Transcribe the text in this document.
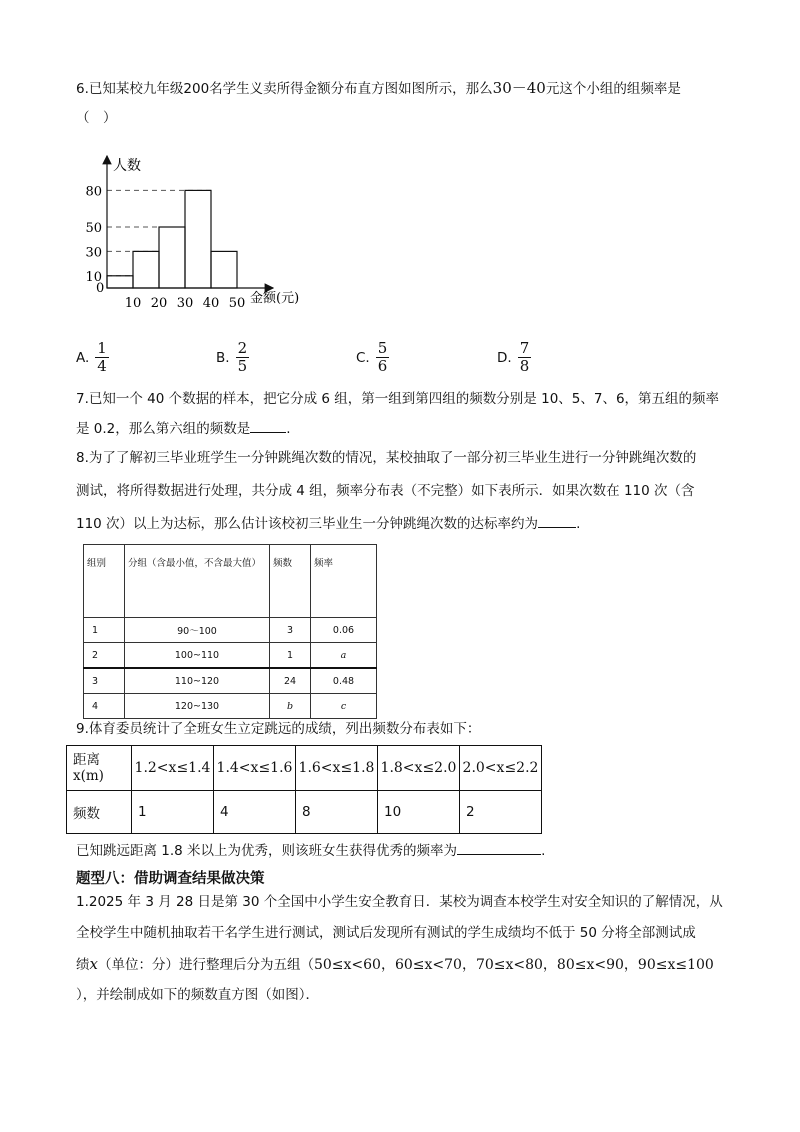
6.已知某校九年级200名学生义卖所得金额分布直方图如图所示，那么30－40元这个小组的组频率是
（　）
人数
金额(元)
0
10
30
50
80
10 20 30 40 50
A. $\frac{1}{4}$	B. $\frac{2}{5}$	C. $\frac{5}{6}$	D. $\frac{7}{8}$
7.已知一个 40 个数据的样本，把它分成 6 组，第一组到第四组的频数分别是 10、5、7、6，第五组的频率
是 0.2，那么第六组的频数是	.
8.为了了解初三毕业班学生一分钟跳绳次数的情况，某校抽取了一部分初三毕业生进行一分钟跳绳次数的
测试，将所得数据进行处理，共分成 4 组，频率分布表（不完整）如下表所示．如果次数在 110 次（含
110 次）以上为达标，那么估计该校初三毕业生一分钟跳绳次数的达标率约为	.
组别	分组（含最小值，不含最大值）	频数	频率
1	90～100	3	0.06
2	100~110	1	a
3	110~120	24	0.48
4	120~130	b	c
9.体育委员统计了全班女生立定跳远的成绩，列出频数分布表如下：
距离
x(m)	1.2<x≤1.4	1.4<x≤1.6	1.6<x≤1.8	1.8<x≤2.0	2.0<x≤2.2
频数	1	4	8	10	2
已知跳远距离 1.8 米以上为优秀，则该班女生获得优秀的频率为	.
题型八：借助调查结果做决策
1.2025 年 3 月 28 日是第 30 个全国中小学生安全教育日．某校为调查本校学生对安全知识的了解情况，从
全校学生中随机抽取若干名学生进行测试，测试后发现所有测试的学生成绩均不低于 50 分将全部测试成
绩x（单位：分）进行整理后分为五组（50≤x<60，60≤x<70，70≤x<80，80≤x<90，90≤x≤100
），并绘制成如下的频数直方图（如图）．
